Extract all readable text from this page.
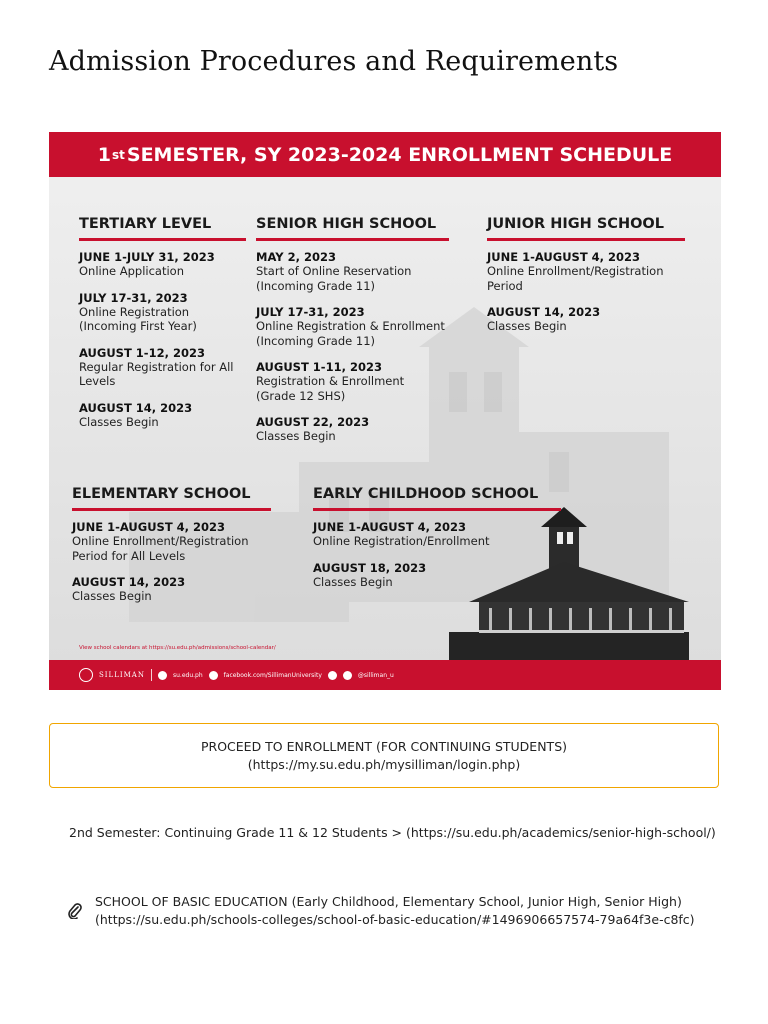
Admission Procedures and Requirements
1 st SEMESTER, SY 2023-2024 ENROLLMENT SCHEDULE
TERTIARY LEVEL
JUNE 1-JULY 31, 2023
Online Application
JULY 17-31, 2023
Online Registration
(Incoming First Year)
AUGUST 1-12, 2023
Regular Registration for All
Levels
AUGUST 14, 2023
Classes Begin
SENIOR HIGH SCHOOL
MAY 2, 2023
Start of Online Reservation
(Incoming Grade 11)
JULY 17-31, 2023
Online Registration & Enrollment
(Incoming Grade 11)
AUGUST 1-11, 2023
Registration & Enrollment
(Grade 12 SHS)
AUGUST 22, 2023
Classes Begin
JUNIOR HIGH SCHOOL
JUNE 1-AUGUST 4, 2023
Online Enrollment/Registration
Period
AUGUST 14, 2023
Classes Begin
ELEMENTARY SCHOOL
JUNE 1-AUGUST 4, 2023
Online Enrollment/Registration
Period for All Levels
AUGUST 14, 2023
Classes Begin
EARLY CHILDHOOD SCHOOL
JUNE 1-AUGUST 4, 2023
Online Registration/Enrollment
AUGUST 18, 2023
Classes Begin
View school calendars at https://su.edu.ph/admissions/school-calendar/
SILLIMAN	su.edu.ph	facebook.com/SillimanUniversity	@silliman_u
PROCEED TO ENROLLMENT (FOR CONTINUING STUDENTS)
(https://my.su.edu.ph/mysilliman/login.php)
2nd Semester: Continuing Grade 11 & 12 Students > (https://su.edu.ph/academics/senior-high-school/)
SCHOOL OF BASIC EDUCATION (Early Childhood, Elementary School, Junior High, Senior High)
(https://su.edu.ph/schools-colleges/school-of-basic-education/#1496906657574-79a64f3e-c8fc)
